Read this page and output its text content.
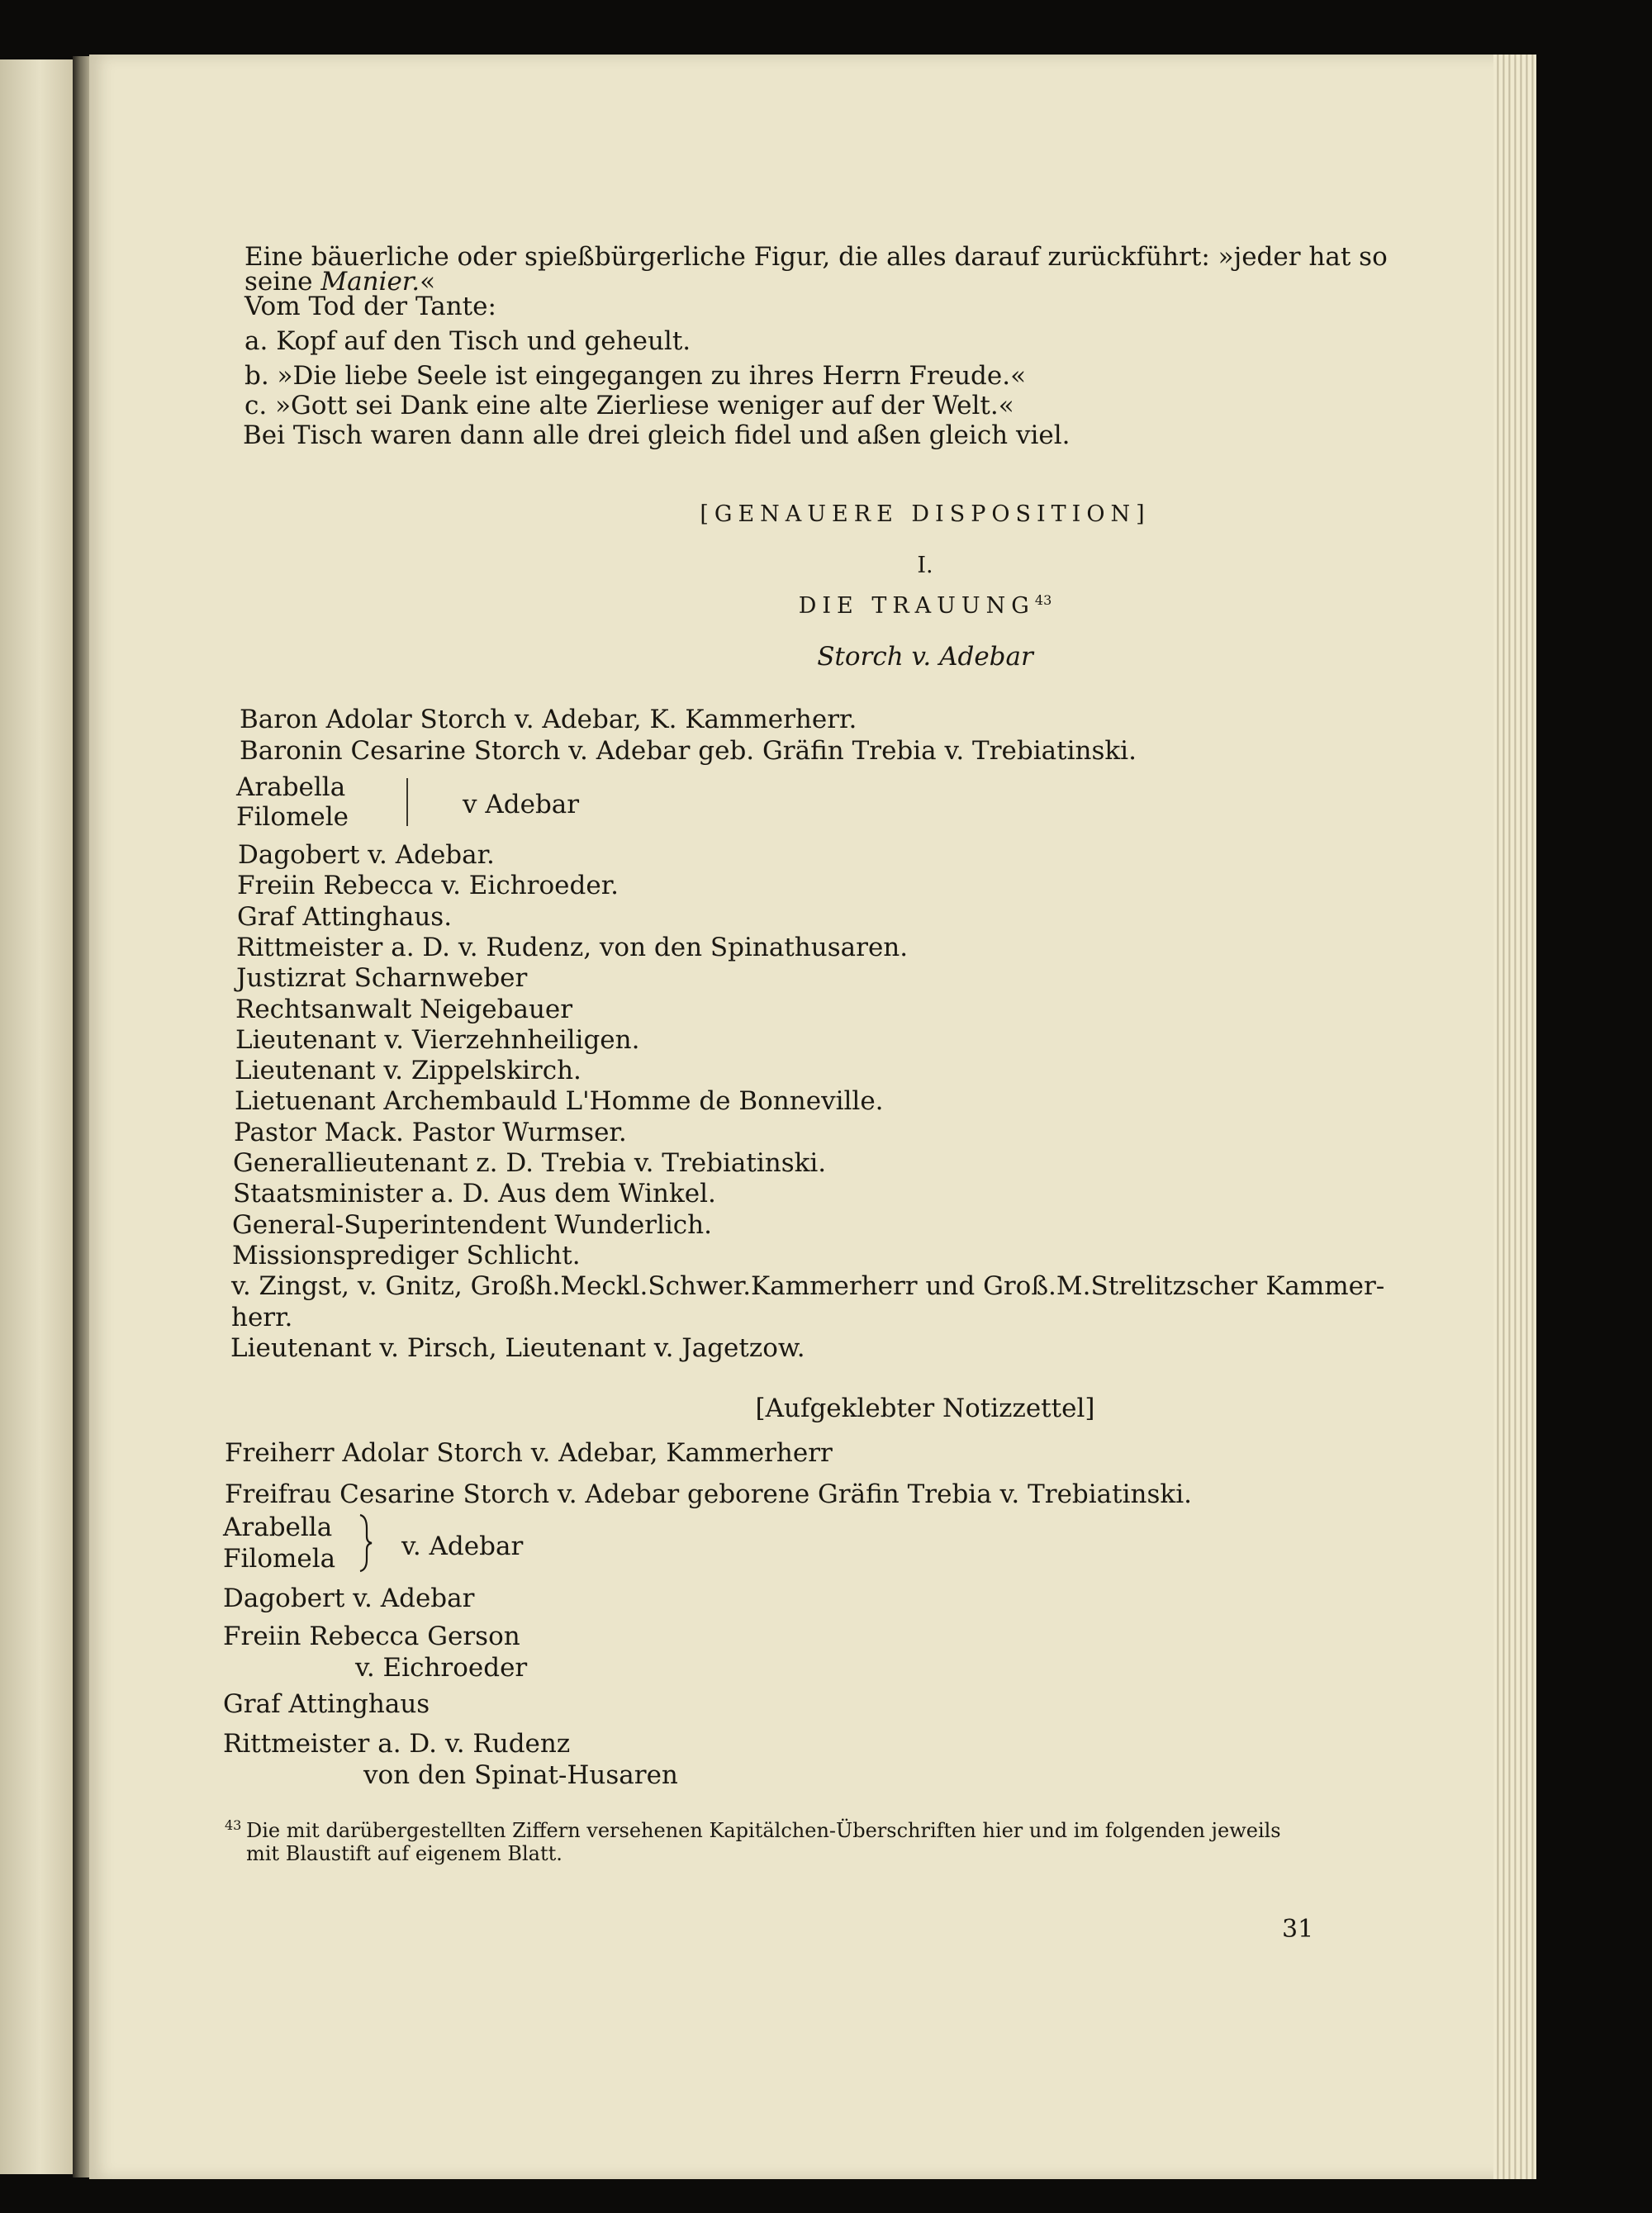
Eine bäuerliche oder spießbürgerliche Figur, die alles darauf zurückführt: »jeder hat so
seine Manier.«
Vom Tod der Tante:
a. Kopf auf den Tisch und geheult.
b. »Die liebe Seele ist eingegangen zu ihres Herrn Freude.«
c. »Gott sei Dank eine alte Zierliese weniger auf der Welt.«
Bei Tisch waren dann alle drei gleich fidel und aßen gleich viel.
[GENAUERE DISPOSITION]
I.
DIE TRAUUNG$^{43}$
Storch v. Adebar
Baron Adolar Storch v. Adebar, K. Kammerherr.
Baronin Cesarine Storch v. Adebar geb. Gräfin Trebia v. Trebiatinski.
Arabella
Filomele	v Adebar
Dagobert v. Adebar.
Freiin Rebecca v. Eichroeder.
Graf Attinghaus.
Rittmeister a. D. v. Rudenz, von den Spinathusaren.
Justizrat Scharnweber
Rechtsanwalt Neigebauer
Lieutenant v. Vierzehnheiligen.
Lieutenant v. Zippelskirch.
Lietuenant Archembauld L'Homme de Bonneville.
Pastor Mack. Pastor Wurmser.
Generallieutenant z. D. Trebia v. Trebiatinski.
Staatsminister a. D. Aus dem Winkel.
General-Superintendent Wunderlich.
Missionsprediger Schlicht.
v. Zingst, v. Gnitz, Großh.Meckl.Schwer.Kammerherr und Groß.M.Strelitzscher Kammer-
herr.
Lieutenant v. Pirsch, Lieutenant v. Jagetzow.
[Aufgeklebter Notizzettel]
Freiherr Adolar Storch v. Adebar, Kammerherr
Freifrau Cesarine Storch v. Adebar geborene Gräfin Trebia v. Trebiatinski.
Arabella
Filomela	v. Adebar
Dagobert v. Adebar
Freiin Rebecca Gerson
v. Eichroeder
Graf Attinghaus
Rittmeister a. D. v. Rudenz
von den Spinat-Husaren
43 Die mit darübergestellten Ziffern versehenen Kapitälchen-Überschriften hier und im folgenden jeweils
mit Blaustift auf eigenem Blatt.
31
